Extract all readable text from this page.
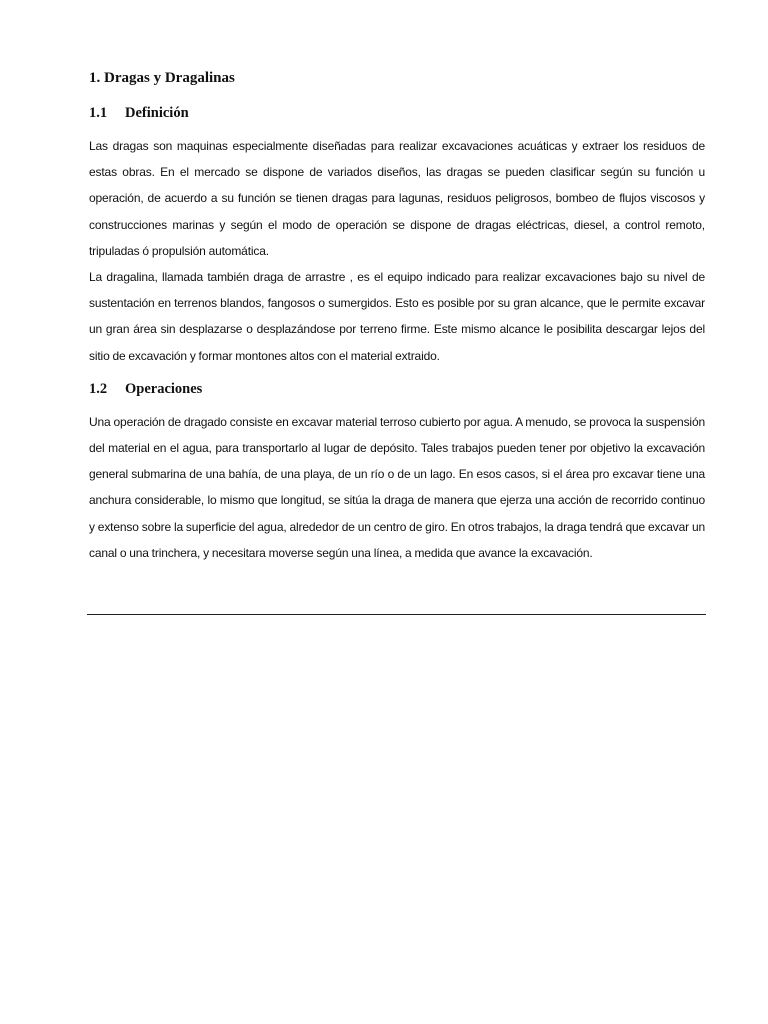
1. Dragas y Dragalinas
1.1 Definición

Las dragas son maquinas especialmente diseñadas para realizar excavaciones acuáticas y extraer los residuos de estas obras. En el mercado se dispone de variados diseños, las dragas se pueden clasificar según su función u operación, de acuerdo a su función se tienen dragas para lagunas, residuos peligrosos, bombeo de flujos viscosos y construcciones marinas y según el modo de operación se dispone de dragas eléctricas, diesel, a control remoto, tripuladas ó propulsión automática.

La dragalina, llamada también draga de arrastre , es el equipo indicado para realizar excavaciones bajo su nivel de sustentación en terrenos blandos, fangosos o sumergidos. Esto es posible por su gran alcance, que le permite excavar un gran área sin desplazarse o desplazándose por terreno firme. Este mismo alcance le posibilita descargar lejos del sitio de excavación y formar montones altos con el material extraido.

1.2 Operaciones

Una operación de dragado consiste en excavar material terroso cubierto por agua. A menudo, se provoca la suspensión del material en el agua, para transportarlo al lugar de depósito. Tales trabajos pueden tener por objetivo la excavación general submarina de una bahía, de una playa, de un río o de un lago. En esos casos, si el área pro excavar tiene una anchura considerable, lo mismo que longitud, se sitúa la draga de manera que ejerza una acción de recorrido continuo y extenso sobre la superficie del agua, alrededor de un centro de giro. En otros trabajos, la draga tendrá que excavar un canal o una trinchera, y necesitara moverse según una línea, a medida que avance la excavación.
